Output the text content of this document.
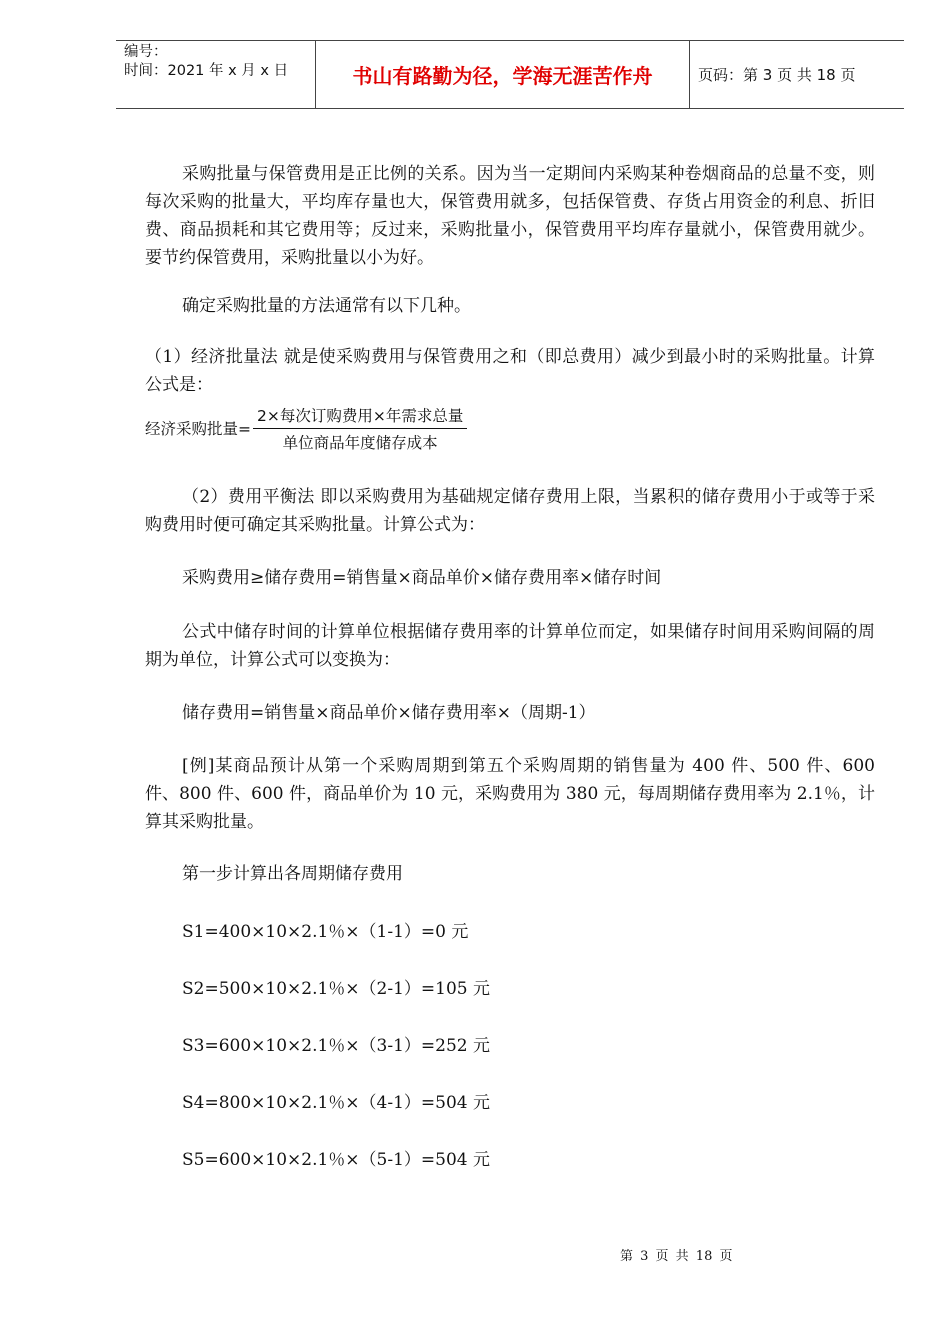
编号：
时间：2021 年 x 月 x 日	书山有路勤为径，学海无涯苦作舟	页码：第 3 页 共 18 页

采购批量与保管费用是正比例的关系。因为当一定期间内采购某种卷烟商品的总量不变，则每次采购的批量大，平均库存量也大，保管费用就多，包括保管费、存货占用资金的利息、折旧费、商品损耗和其它费用等；反过来，采购批量小，保管费用平均库存量就小，保管费用就少。要节约保管费用，采购批量以小为好。

确定采购批量的方法通常有以下几种。

（1）经济批量法 就是使采购费用与保管费用之和（即总费用）减少到最小时的采购批量。计算公式是：

经济采购批量= $\frac{\text{2×每次订购费用×年需求总量}}{\text{单位商品年度储存成本}}$

（2）费用平衡法 即以采购费用为基础规定储存费用上限，当累积的储存费用小于或等于采购费用时便可确定其采购批量。计算公式为：

采购费用≥储存费用=销售量×商品单价×储存费用率×储存时间

公式中储存时间的计算单位根据储存费用率的计算单位而定，如果储存时间用采购间隔的周期为单位，计算公式可以变换为：

储存费用=销售量×商品单价×储存费用率×（周期-1）

[例]某商品预计从第一个采购周期到第五个采购周期的销售量为 400 件、500 件、600 件、800 件、600 件，商品单价为 10 元，采购费用为 380 元，每周期储存费用率为 2.1％，计算其采购批量。

第一步计算出各周期储存费用

S1=400×10×2.1％×（1-1）=0 元

S2=500×10×2.1％×（2-1）=105 元

S3=600×10×2.1％×（3-1）=252 元

S4=800×10×2.1％×（4-1）=504 元

S5=600×10×2.1％×（5-1）=504 元

第 3 页 共 18 页
